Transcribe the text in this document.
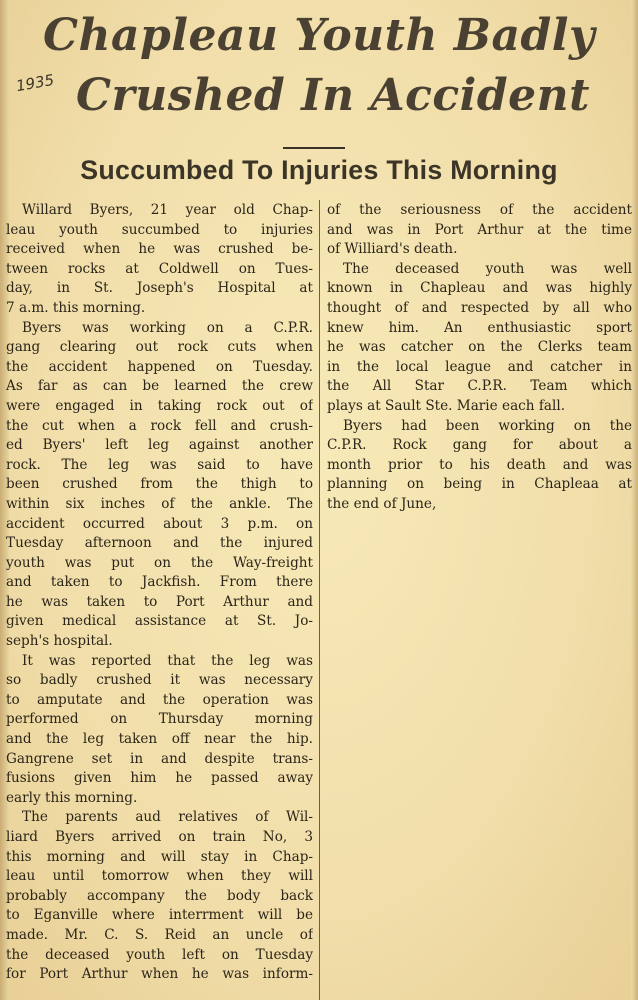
Chapleau Youth Badly
1935 Crushed In Accident
Succumbed To Injuries This Morning
Willard Byers, 21 year old Chap-
leau youth succumbed to injuries
received when he was crushed be-
tween rocks at Coldwell on Tues-
day, in St. Joseph's Hospital at
7 a.m. this morning.
Byers was working on a C.P.R.
gang clearing out rock cuts when
the accident happened on Tuesday.
As far as can be learned the crew
were engaged in taking rock out of
the cut when a rock fell and crush-
ed Byers' left leg against another
rock. The leg was said to have
been crushed from the thigh to
within six inches of the ankle. The
accident occurred about 3 p.m. on
Tuesday afternoon and the injured
youth was put on the Way-freight
and taken to Jackfish. From there
he was taken to Port Arthur and
given medical assistance at St. Jo-
seph's hospital.
It was reported that the leg was
so badly crushed it was necessary
to amputate and the operation was
performed on Thursday morning
and the leg taken off near the hip.
Gangrene set in and despite trans-
fusions given him he passed away
early this morning.
The parents aud relatives of Wil-
liard Byers arrived on train No, 3
this morning and will stay in Chap-
leau until tomorrow when they will
probably accompany the body back
to Eganville where interrment will be
made. Mr. C. S. Reid an uncle of
the deceased youth left on Tuesday
for Port Arthur when he was inform-
of the seriousness of the accident
and was in Port Arthur at the time
of Williard's death.
The deceased youth was well
known in Chapleau and was highly
thought of and respected by all who
knew him. An enthusiastic sport
he was catcher on the Clerks team
in the local league and catcher in
the All Star C.P.R. Team which
plays at Sault Ste. Marie each fall.
Byers had been working on the
C.P.R. Rock gang for about a
month prior to his death and was
planning on being in Chapleaa at
the end of June,
